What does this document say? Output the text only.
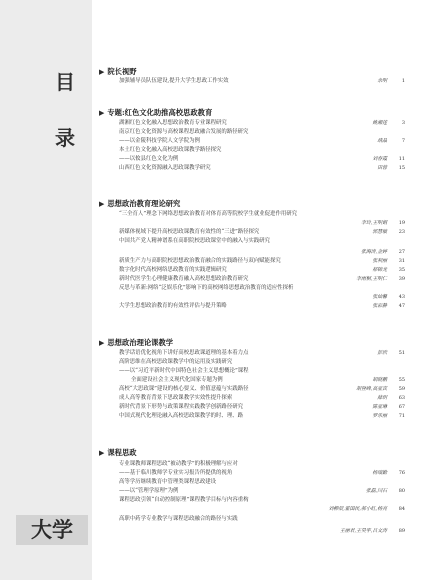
目
录
大学
▶ 院长视野
加强辅导员队伍建设,提升大学生思政工作实效	余明	1
▶ 专题:红色文化助推高校思政教育
湖湘红色文化融入思想政治教育专业课程研究	姚湘莲	3
南京红色文化资源与高校课程思政融合发展的路径研究
——以金陵科技学院人文学院为例	靖晶	7
本土红色文化融入高校思政课教学路径探究
——以攸县红色文化为例	刘春霞	11
山西红色文化资源融入思政课教学研究	田蓉	15
▶ 思想政治教育理论研究
“三全育人”理念下网络思想政治教育对体育高等院校学生就业促进作用研究
李玲,王明娟	19
新媒体视域下提升高校思政课教育有效性的“三进”路径探究	郭慧敏	23
中国共产党人精神谱系在高职院校思政课堂中的融入与实践研究
张海涛,金婷	27
新质生产力与高职院校思想政治教育融合的实践路径与双向赋能探究	张利丽	31
数字化时代高校网络思政教育的实践逻辑研究	郝锦龙	35
新时代医学生心理健康教育融入高校思想政治教育研究	李雨桐,王明仁	39
反思与革新:网络“泛娱乐化”影响下的高校网络思想政治教育的适应性探析
张灿馨	43
大学生思想政治教育的有效性评估与提升策略	张彩静	47
▶ 思想政治理论课教学
教学话语优化视角下讲好高校思政课道理的基本着力点	彭欣	51
高阶思维在高校思政课教学中的运用及实践研究
——以“习近平新时代中国特色社会主义思想概论”课程
全面建设社会主义现代化国家专题为例	胡晓鹏	55
高校“大思政课”建设的核心要义、价值意蕴与实践路径	胡登峰,高亚宾	59
成人高等教育背景下思政课教学实效性提升探索	薛玥	63
新时代背景下形势与政策课程实践教学创新路径研究	陈亚琳	67
中国式现代化理论融入高校思政课教学的时、理、路	罗乐丽	71
▶ 课程思政
专业课教师课程思政“被动教学”的积极理解与应对
——基于临川教师学专业实习报告所提供的视角	杨瑞勤	76
高等学历继续教育中管理类课程思政建设
——以“管理学原理”为例	张磊,闫石	80
课程思政引领“自动控制原理”课程教学目标与内容重构
刘柳辰,霍国民,郝小红,杨亮	84
高职中药学专业教学与课程思政融合的路径与实践
王丽君,王昊宇,吕文涛	89
